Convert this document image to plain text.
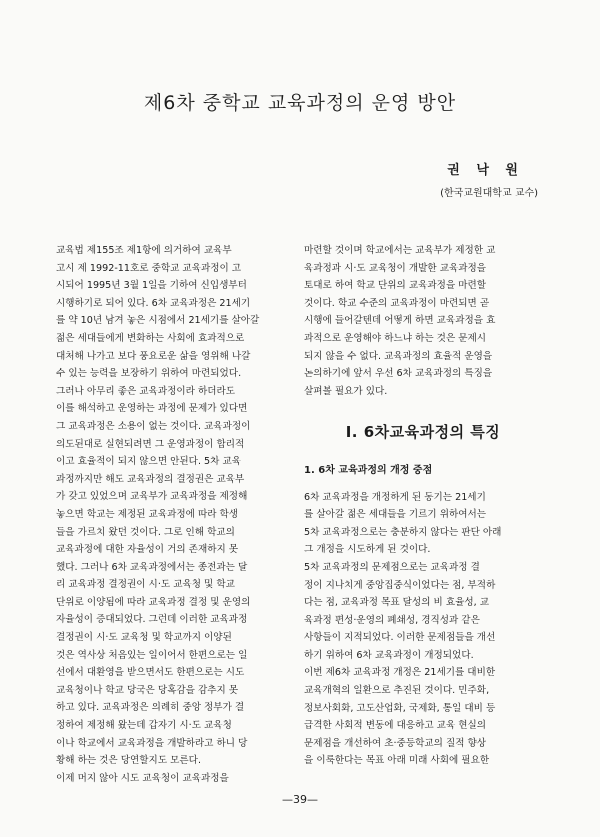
제6차 중학교 교육과정의 운영 방안
권 낙 원
(한국교원대학교 교수)
교육법 제155조 제1항에 의거하여 교육부
고시 제 1992-11호로 중학교 교육과정이 고
시되어 1995년 3월 1일을 기하여 신입생부터
시행하기로 되어 있다. 6차 교육과정은 21세기
를 약 10년 남겨 놓은 시점에서 21세기를 살아갈
젊은 세대들에게 변화하는 사회에 효과적으로
대처해 나가고 보다 풍요로운 삶을 영위해 나갈
수 있는 능력을 보장하기 위하여 마련되었다.
그러나 아무리 좋은 교육과정이라 하더라도
이를 해석하고 운영하는 과정에 문제가 있다면
그 교육과정은 소용이 없는 것이다. 교육과정이
의도된대로 실현되려면 그 운영과정이 합리적
이고 효율적이 되지 않으면 안된다. 5차 교육
과정까지만 해도 교육과정의 결정권은 교육부
가 갖고 있었으며 교육부가 교육과정을 제정해
놓으면 학교는 제정된 교육과정에 따라 학생
들을 가르치 왔던 것이다. 그로 인해 학교의
교육과정에 대한 자율성이 거의 존재하지 못
했다. 그러나 6차 교육과정에서는 종전과는 달
리 교육과정 결정권이 시·도 교육청 및 학교
단위로 이양됨에 따라 교육과정 결정 및 운영의
자율성이 증대되었다. 그런데 이러한 교육과정
결정권이 시·도 교육청 및 학교까지 이양된
것은 역사상 처음있는 일이어서 한편으로는 일
선에서 대환영을 받으면서도 한편으로는 시도
교육청이나 학교 당국은 당혹감을 감추지 못
하고 있다. 교육과정은 의례히 중앙 정부가 결
정하여 제정해 왔는데 갑자기 시·도 교육청
이나 학교에서 교육과정을 개발하라고 하니 당
황해 하는 것은 당연할지도 모른다.
이제 머지 않아 시도 교육청이 교육과정을
마련할 것이며 학교에서는 교육부가 제정한 교
육과정과 시·도 교육청이 개발한 교육과정을
토대로 하여 학교 단위의 교육과정을 마련할
것이다. 학교 수준의 교육과정이 마련되면 곧
시행에 들어갈텐데 어떻게 하면 교육과정을 효
과적으로 운영해야 하느냐 하는 것은 문제시
되지 않을 수 없다. 교육과정의 효율적 운영을
논의하기에 앞서 우선 6차 교육과정의 특징을
살펴볼 필요가 있다.
Ⅰ. 6차교육과정의 특징
1. 6차 교육과정의 개정 중점
6차 교육과정을 개정하게 된 동기는 21세기
를 살아갈 젊은 세대들을 기르기 위하여서는
5차 교육과정으로는 충분하지 않다는 판단 아래
그 개정을 시도하게 된 것이다.
5차 교육과정의 문제점으로는 교육과정 결
정이 지나치게 중앙집중식이었다는 점, 부적하
다는 점, 교육과정 목표 달성의 비 효율성, 교
육과정 편성·운영의 폐쇄성, 경직성과 같은
사항들이 지적되었다. 이러한 문제점들을 개선
하기 위하여 6차 교육과정이 개정되었다.
이번 제6차 교육과정 개정은 21세기를 대비한
교육개혁의 일환으로 추진된 것이다. 민주화,
정보사회화, 고도산업화, 국제화, 통일 대비 등
급격한 사회적 변동에 대응하고 교육 현실의
문제점을 개선하여 초·중등학교의 질적 향상
을 이룩한다는 목표 아래 미래 사회에 필요한
—39—
